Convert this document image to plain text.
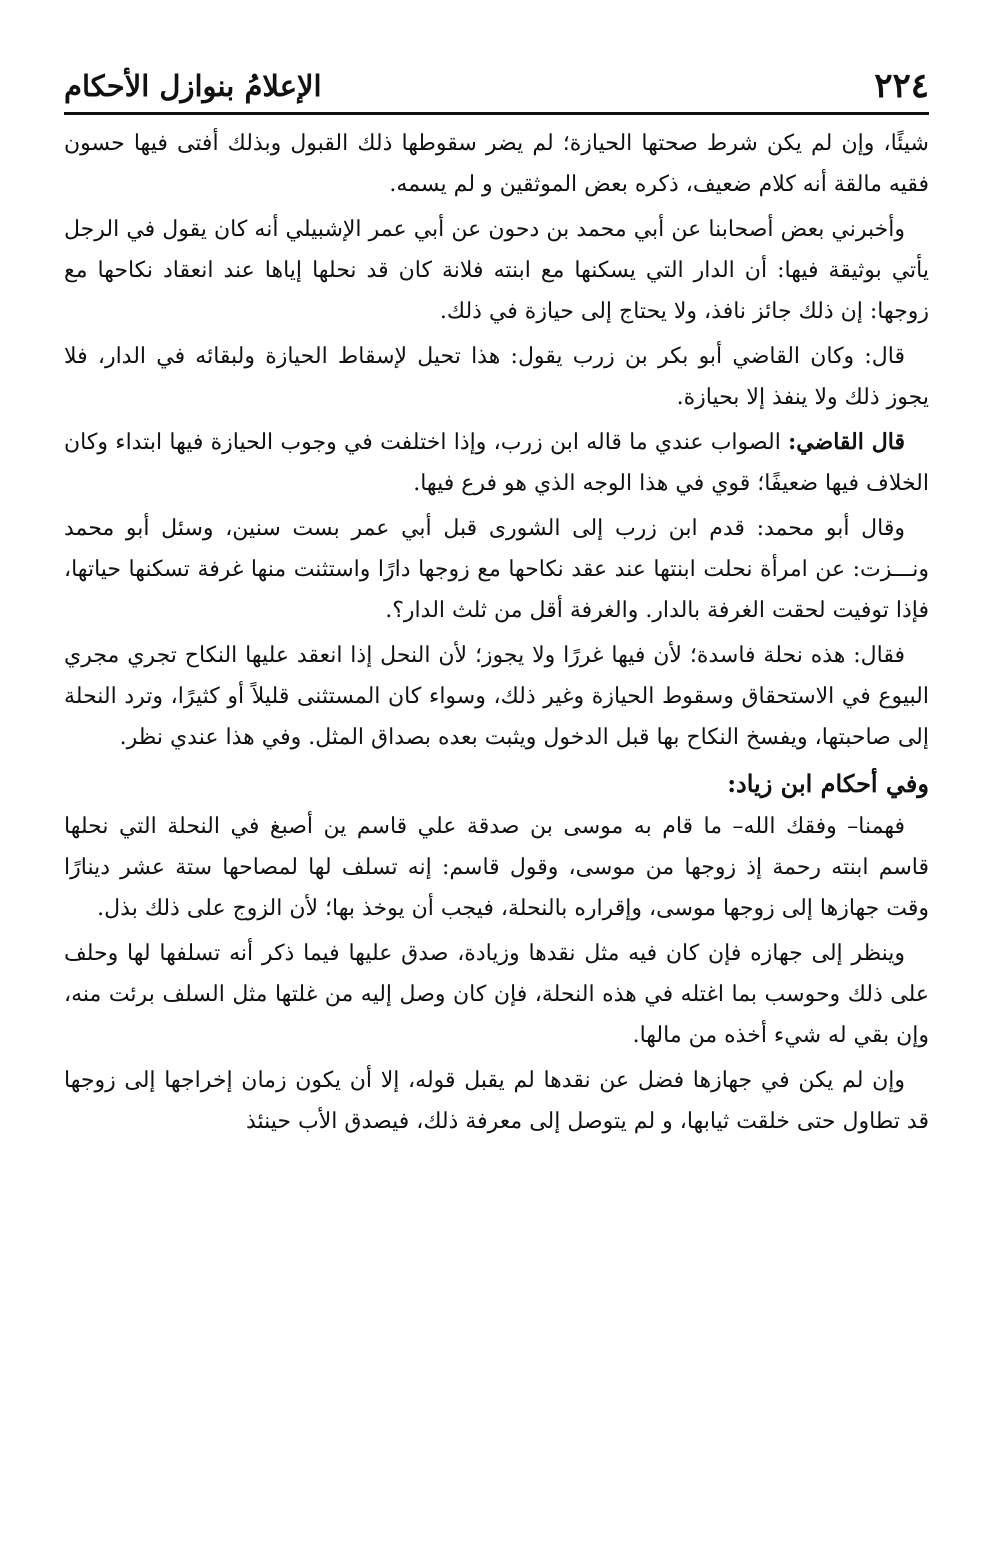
٢٢٤
الإعلامُ بنوازل الأحكام

شيئًا، وإن لم يكن شرط صحتها الحيازة؛ لم يضر سقوطها ذلك القبول وبذلك أفتى فيها حسون فقيه مالقة أنه كلام ضعيف، ذكره بعض الموثقين و لم يسمه.

وأخبرني بعض أصحابنا عن أبي محمد بن دحون عن أبي عمر الإشبيلي أنه كان يقول في الرجل يأتي بوثيقة فيها: أن الدار التي يسكنها مع ابنته فلانة كان قد نحلها إياها عند انعقاد نكاحها مع زوجها: إن ذلك جائز نافذ، ولا يحتاج إلى حيازة في ذلك.

قال: وكان القاضي أبو بكر بن زرب يقول: هذا تحيل لإسقاط الحيازة ولبقائه في الدار، فلا يجوز ذلك ولا ينفذ إلا بحيازة.

قال القاضي: الصواب عندي ما قاله ابن زرب، وإذا اختلفت في وجوب الحيازة فيها ابتداء وكان الخلاف فيها ضعيفًا؛ قوي في هذا الوجه الذي هو فرع فيها.

وقال أبو محمد: قدم ابن زرب إلى الشورى قبل أبي عمر بست سنين، وسئل أبو محمد ونـــزت: عن امرأة نحلت ابنتها عند عقد نكاحها مع زوجها دارًا واستثنت منها غرفة تسكنها حياتها، فإذا توفيت لحقت الغرفة بالدار. والغرفة أقل من ثلث الدار؟.

فقال: هذه نحلة فاسدة؛ لأن فيها غررًا ولا يجوز؛ لأن النحل إذا انعقد عليها النكاح تجري مجري البيوع في الاستحقاق وسقوط الحيازة وغير ذلك، وسواء كان المستثنى قليلاً أو كثيرًا، وترد النحلة إلى صاحبتها، ويفسخ النكاح بها قبل الدخول ويثبت بعده بصداق المثل. وفي هذا عندي نظر.

وفي أحكام ابن زياد:

فهمنا– وفقك الله– ما قام به موسى بن صدقة علي قاسم ين أصبغ في النحلة التي نحلها قاسم ابنته رحمة إذ زوجها من موسى، وقول قاسم: إنه تسلف لها لمصاحها ستة عشر دينارًا وقت جهازها إلى زوجها موسى، وإقراره بالنحلة، فيجب أن يوخذ بها؛ لأن الزوج على ذلك بذل.

وينظر إلى جهازه فإن كان فيه مثل نقدها وزيادة، صدق عليها فيما ذكر أنه تسلفها لها وحلف على ذلك وحوسب بما اغتله في هذه النحلة، فإن كان وصل إليه من غلتها مثل السلف برئت منه، وإن بقي له شيء أخذه من مالها.

وإن لم يكن في جهازها فضل عن نقدها لم يقبل قوله، إلا أن يكون زمان إخراجها إلى زوجها قد تطاول حتى خلقت ثيابها، و لم يتوصل إلى معرفة ذلك، فيصدق الأب حينئذ
